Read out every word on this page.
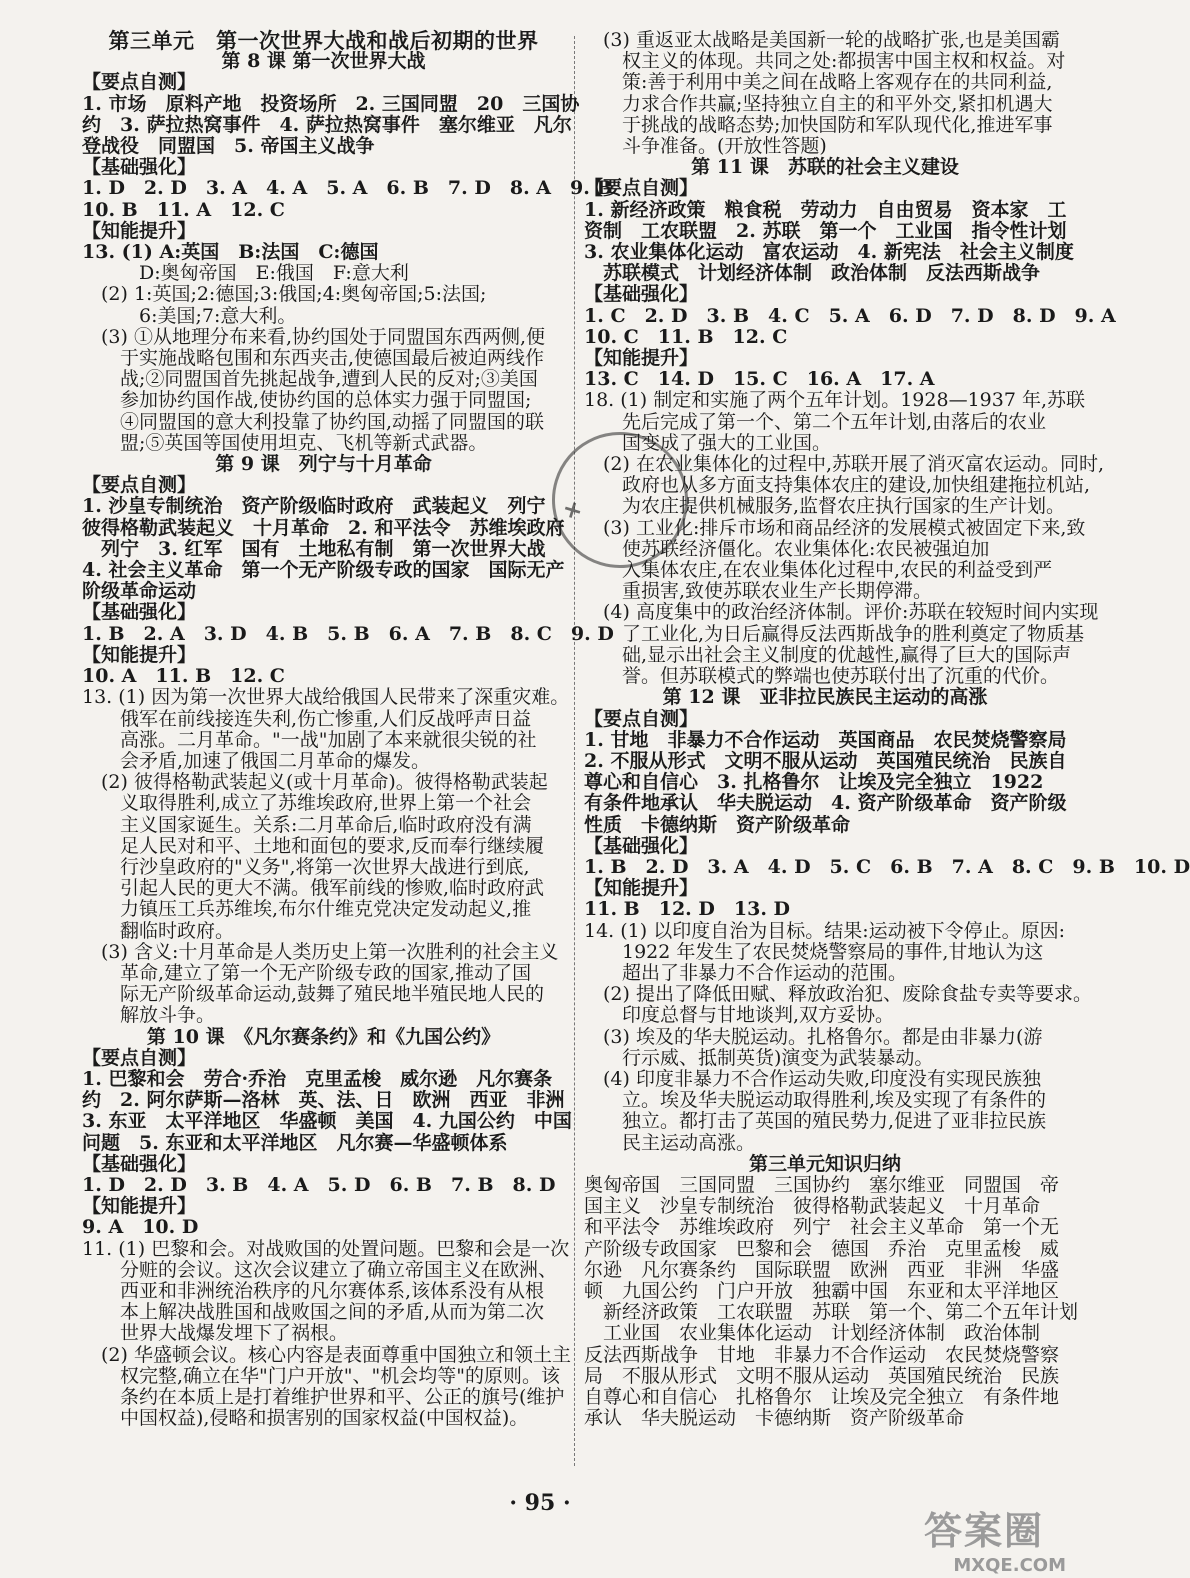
第三单元　第一次世界大战和战后初期的世界
第 8 课 第一次世界大战
【要点自测】
1. 市场　原料产地　投资场所　2. 三国同盟　20　三国协
约　3. 萨拉热窝事件　4. 萨拉热窝事件　塞尔维亚　凡尔
登战役　同盟国　5. 帝国主义战争
【基础强化】
1. D　2. D　3. A　4. A　5. A　6. B　7. D　8. A　9. B
10. B　11. A　12. C
【知能提升】
13. (1) A:英国　B:法国　C:德国
　　　D:奥匈帝国　E:俄国　F:意大利
　(2) 1:英国;2:德国;3:俄国;4:奥匈帝国;5:法国;
　　　6:美国;7:意大利。
　(3) ①从地理分布来看,协约国处于同盟国东西两侧,便
　　于实施战略包围和东西夹击,使德国最后被迫两线作
　　战;②同盟国首先挑起战争,遭到人民的反对;③美国
　　参加协约国作战,使协约国的总体实力强于同盟国;
　　④同盟国的意大利投靠了协约国,动摇了同盟国的联
　　盟;⑤英国等国使用坦克、飞机等新式武器。
第 9 课　列宁与十月革命
【要点自测】
1. 沙皇专制统治　资产阶级临时政府　武装起义　列宁
彼得格勒武装起义　十月革命　2. 和平法令　苏维埃政府
　列宁　3. 红军　国有　土地私有制　第一次世界大战
4. 社会主义革命　第一个无产阶级专政的国家　国际无产
阶级革命运动
【基础强化】
1. B　2. A　3. D　4. B　5. B　6. A　7. B　8. C　9. D
【知能提升】
10. A　11. B　12. C
13. (1) 因为第一次世界大战给俄国人民带来了深重灾难。
　　俄军在前线接连失利,伤亡惨重,人们反战呼声日益
　　高涨。二月革命。"一战"加剧了本来就很尖锐的社
　　会矛盾,加速了俄国二月革命的爆发。
　(2) 彼得格勒武装起义(或十月革命)。彼得格勒武装起
　　义取得胜利,成立了苏维埃政府,世界上第一个社会
　　主义国家诞生。关系:二月革命后,临时政府没有满
　　足人民对和平、土地和面包的要求,反而奉行继续履
　　行沙皇政府的"义务",将第一次世界大战进行到底,
　　引起人民的更大不满。俄军前线的惨败,临时政府武
　　力镇压工兵苏维埃,布尔什维克党决定发动起义,推
　　翻临时政府。
　(3) 含义:十月革命是人类历史上第一次胜利的社会主义
　　革命,建立了第一个无产阶级专政的国家,推动了国
　　际无产阶级革命运动,鼓舞了殖民地半殖民地人民的
　　解放斗争。
第 10 课　《凡尔赛条约》和《九国公约》
【要点自测】
1. 巴黎和会　劳合·乔治　克里孟梭　威尔逊　凡尔赛条
约　2. 阿尔萨斯—洛林　英、法、日　欧洲　西亚　非洲
3. 东亚　太平洋地区　华盛顿　美国　4. 九国公约　中国
问题　5. 东亚和太平洋地区　凡尔赛—华盛顿体系
【基础强化】
1. D　2. D　3. B　4. A　5. D　6. B　7. B　8. D
【知能提升】
9. A　10. D
11. (1) 巴黎和会。对战败国的处置问题。巴黎和会是一次
　　分赃的会议。这次会议建立了确立帝国主义在欧洲、
　　西亚和非洲统治秩序的凡尔赛体系,该体系没有从根
　　本上解决战胜国和战败国之间的矛盾,从而为第二次
　　世界大战爆发埋下了祸根。
　(2) 华盛顿会议。核心内容是表面尊重中国独立和领土主
　　权完整,确立在华"门户开放"、"机会均等"的原则。该
　　条约在本质上是打着维护世界和平、公正的旗号(维护
　　中国权益),侵略和损害别的国家权益(中国权益)。
　(3) 重返亚太战略是美国新一轮的战略扩张,也是美国霸
　　权主义的体现。共同之处:都损害中国主权和权益。对
　　策:善于利用中美之间在战略上客观存在的共同利益,
　　力求合作共赢;坚持独立自主的和平外交,紧扣机遇大
　　于挑战的战略态势;加快国防和军队现代化,推进军事
　　斗争准备。(开放性答题)
第 11 课　苏联的社会主义建设
【要点自测】
1. 新经济政策　粮食税　劳动力　自由贸易　资本家　工
资制　工农联盟　2. 苏联　第一个　工业国　指令性计划
3. 农业集体化运动　富农运动　4. 新宪法　社会主义制度
　苏联模式　计划经济体制　政治体制　反法西斯战争
【基础强化】
1. C　2. D　3. B　4. C　5. A　6. D　7. D　8. D　9. A
10. C　11. B　12. C
【知能提升】
13. C　14. D　15. C　16. A　17. A
18. (1) 制定和实施了两个五年计划。1928—1937 年,苏联
　　先后完成了第一个、第二个五年计划,由落后的农业
　　国变成了强大的工业国。
　(2) 在农业集体化的过程中,苏联开展了消灭富农运动。同时,
　　政府也从多方面支持集体农庄的建设,加快组建拖拉机站,
　　为农庄提供机械服务,监督农庄执行国家的生产计划。
　(3) 工业化:排斥市场和商品经济的发展模式被固定下来,致
　　使苏联经济僵化。农业集体化:农民被强迫加
　　入集体农庄,在农业集体化过程中,农民的利益受到严
　　重损害,致使苏联农业生产长期停滞。
　(4) 高度集中的政治经济体制。评价:苏联在较短时间内实现
　　了工业化,为日后赢得反法西斯战争的胜利奠定了物质基
　　础,显示出社会主义制度的优越性,赢得了巨大的国际声
　　誉。但苏联模式的弊端也使苏联付出了沉重的代价。
第 12 课　亚非拉民族民主运动的高涨
【要点自测】
1. 甘地　非暴力不合作运动　英国商品　农民焚烧警察局
2. 不服从形式　文明不服从运动　英国殖民统治　民族自
尊心和自信心　3. 扎格鲁尔　让埃及完全独立　1922
有条件地承认　华夫脱运动　4. 资产阶级革命　资产阶级
性质　卡德纳斯　资产阶级革命
【基础强化】
1. B　2. D　3. A　4. D　5. C　6. B　7. A　8. C　9. B　10. D
【知能提升】
11. B　12. D　13. D
14. (1) 以印度自治为目标。结果:运动被下令停止。原因:
　　1922 年发生了农民焚烧警察局的事件,甘地认为这
　　超出了非暴力不合作运动的范围。
　(2) 提出了降低田赋、释放政治犯、废除食盐专卖等要求。
　　印度总督与甘地谈判,双方妥协。
　(3) 埃及的华夫脱运动。扎格鲁尔。都是由非暴力(游
　　行示威、抵制英货)演变为武装暴动。
　(4) 印度非暴力不合作运动失败,印度没有实现民族独
　　立。埃及华夫脱运动取得胜利,埃及实现了有条件的
　　独立。都打击了英国的殖民势力,促进了亚非拉民族
　　民主运动高涨。
第三单元知识归纳
奥匈帝国　三国同盟　三国协约　塞尔维亚　同盟国　帝
国主义　沙皇专制统治　彼得格勒武装起义　十月革命
和平法令　苏维埃政府　列宁　社会主义革命　第一个无
产阶级专政国家　巴黎和会　德国　乔治　克里孟梭　威
尔逊　凡尔赛条约　国际联盟　欧洲　西亚　非洲　华盛
顿　九国公约　门户开放　独霸中国　东亚和太平洋地区
　新经济政策　工农联盟　苏联　第一个、第二个五年计划
　工业国　农业集体化运动　计划经济体制　政治体制
反法西斯战争　甘地　非暴力不合作运动　农民焚烧警察
局　不服从形式　文明不服从运动　英国殖民统治　民族
自尊心和自信心　扎格鲁尔　让埃及完全独立　有条件地
承认　华夫脱运动　卡德纳斯　资产阶级革命
✕
· 95 ·
答案圈
MXQE.COM
